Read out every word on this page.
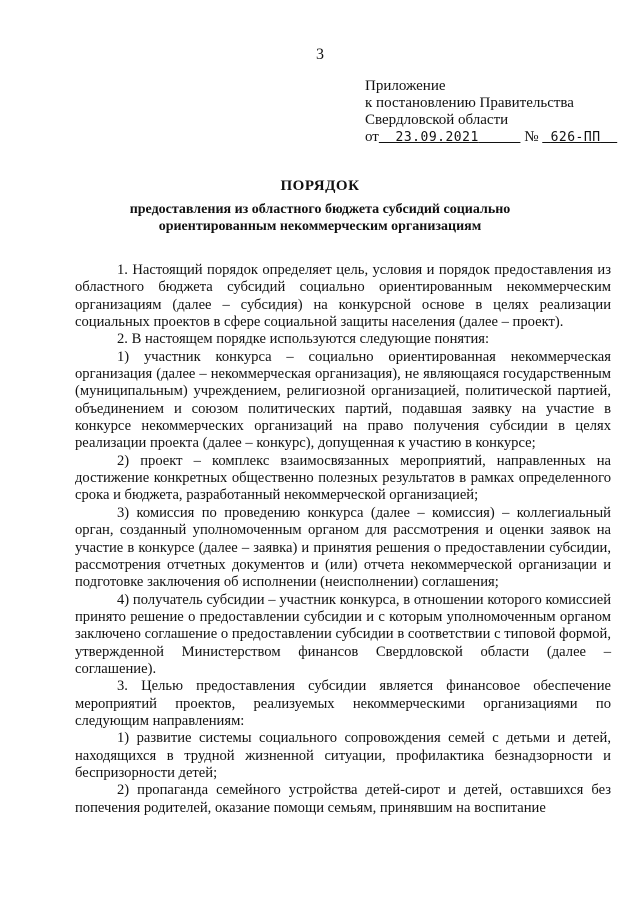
3
Приложение
к постановлению Правительства
Свердловской области
от 23.09.2021	№ 626-ПП
ПОРЯДОК
предоставления из областного бюджета субсидий социально
ориентированным некоммерческим организациям

1. Настоящий порядок определяет цель, условия и порядок предоставления из областного бюджета субсидий социально ориентированным некоммерческим организациям (далее – субсидия) на конкурсной основе в целях реализации социальных проектов в сфере социальной защиты населения (далее – проект).

2. В настоящем порядке используются следующие понятия:

1) участник конкурса – социально ориентированная некоммерческая организация (далее – некоммерческая организация), не являющаяся государственным (муниципальным) учреждением, религиозной организацией, политической партией, объединением и союзом политических партий, подавшая заявку на участие в конкурсе некоммерческих организаций на право получения субсидии в целях реализации проекта (далее – конкурс), допущенная к участию в конкурсе;

2) проект – комплекс взаимосвязанных мероприятий, направленных на достижение конкретных общественно полезных результатов в рамках определенного срока и бюджета, разработанный некоммерческой организацией;

3) комиссия по проведению конкурса (далее – комиссия) – коллегиальный орган, созданный уполномоченным органом для рассмотрения и оценки заявок на участие в конкурсе (далее – заявка) и принятия решения о предоставлении субсидии, рассмотрения отчетных документов и (или) отчета некоммерческой организации и подготовке заключения об исполнении (неисполнении) соглашения;

4) получатель субсидии – участник конкурса, в отношении которого комиссией принято решение о предоставлении субсидии и с которым уполномоченным органом заключено соглашение о предоставлении субсидии в соответствии с типовой формой, утвержденной Министерством финансов Свердловской области (далее – соглашение).

3. Целью предоставления субсидии является финансовое обеспечение мероприятий проектов, реализуемых некоммерческими организациями по следующим направлениям:

1) развитие системы социального сопровождения семей с детьми и детей, находящихся в трудной жизненной ситуации, профилактика безнадзорности и беспризорности детей;

2) пропаганда семейного устройства детей-сирот и детей, оставшихся без попечения родителей, оказание помощи семьям, принявшим на воспитание
